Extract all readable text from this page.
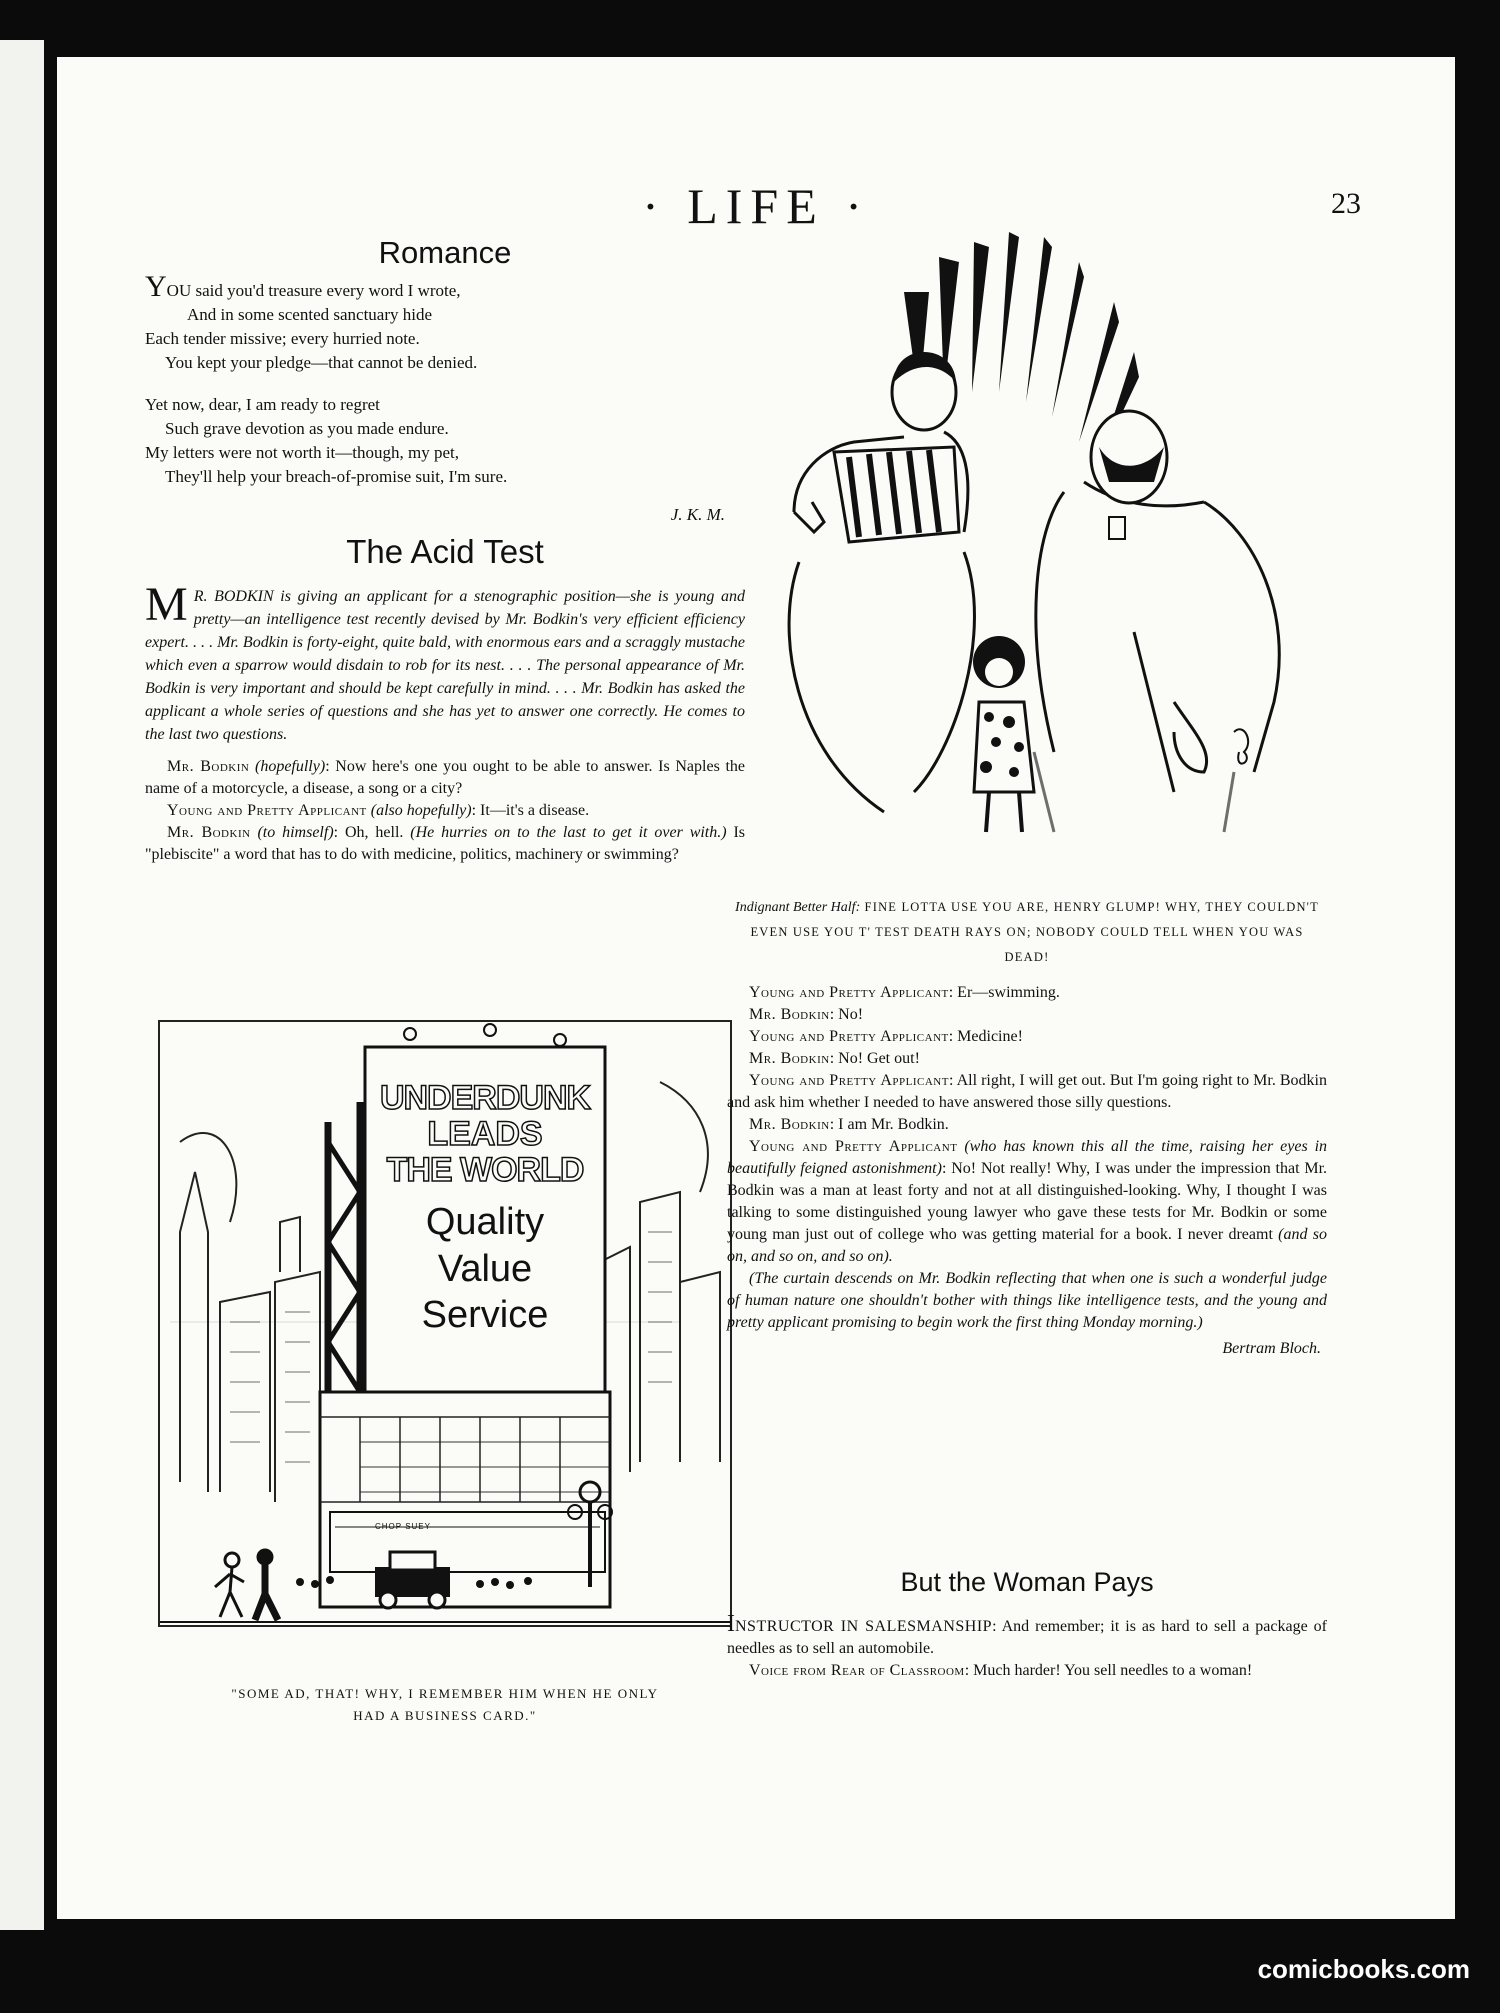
· LIFE ·	23
Romance
YOU said you'd treasure every word I wrote,
And in some scented sanctuary hide
Each tender missive; every hurried note.
You kept your pledge—that cannot be denied.
Yet now, dear, I am ready to regret
Such grave devotion as you made endure.
My letters were not worth it—though, my pet,
They'll help your breach-of-promise suit, I'm sure.
J. K. M.
The Acid Test
M R. BODKIN is giving an applicant for a stenographic position—she is young and pretty—an intelligence test recently devised by Mr. Bodkin's very efficient efficiency expert. . . . Mr. Bodkin is forty-eight, quite bald, with enormous ears and a scraggly mustache which even a sparrow would disdain to rob for its nest. . . . The personal appearance of Mr. Bodkin is very important and should be kept carefully in mind. . . . Mr. Bodkin has asked the applicant a whole series of questions and she has yet to answer one correctly. He comes to the last two questions.

Mr. Bodkin (hopefully): Now here's one you ought to be able to answer. Is Naples the name of a motorcycle, a disease, a song or a city?

Young and Pretty Applicant (also hopefully): It—it's a disease.

Mr. Bodkin (to himself): Oh, hell. (He hurries on to the last to get it over with.) Is "plebiscite" a word that has to do with medicine, politics, machinery or swimming?

UNDERDUNK
LEADS
THE WORLD
Quality
Value
Service
CHOP SUEY
"SOME AD, THAT! WHY, I REMEMBER HIM WHEN HE ONLY
HAD A BUSINESS CARD."
Indignant Better Half: FINE LOTTA USE YOU ARE, HENRY GLUMP! WHY, THEY COULDN'T EVEN USE YOU T' TEST DEATH RAYS ON; NOBODY COULD TELL WHEN YOU WAS DEAD!

Young and Pretty Applicant: Er—swimming.

Mr. Bodkin: No!

Young and Pretty Applicant: Medicine!

Mr. Bodkin: No! Get out!

Young and Pretty Applicant: All right, I will get out. But I'm going right to Mr. Bodkin and ask him whether I needed to have answered those silly questions.

Mr. Bodkin: I am Mr. Bodkin.

Young and Pretty Applicant (who has known this all the time, raising her eyes in beautifully feigned astonishment): No! Not really! Why, I was under the impression that Mr. Bodkin was a man at least forty and not at all distinguished-looking. Why, I thought I was talking to some distinguished young lawyer who gave these tests for Mr. Bodkin or some young man just out of college who was getting material for a book. I never dreamt (and so on, and so on, and so on).

(The curtain descends on Mr. Bodkin reflecting that when one is such a wonderful judge of human nature one shouldn't bother with things like intelligence tests, and the young and pretty applicant promising to begin work the first thing Monday morning.)

Bertram Bloch.
But the Woman Pays
INSTRUCTOR IN SALESMANSHIP: And remember; it is as hard to sell a package of needles as to sell an automobile.

Voice from Rear of Classroom: Much harder! You sell needles to a woman!

comicbooks.com
